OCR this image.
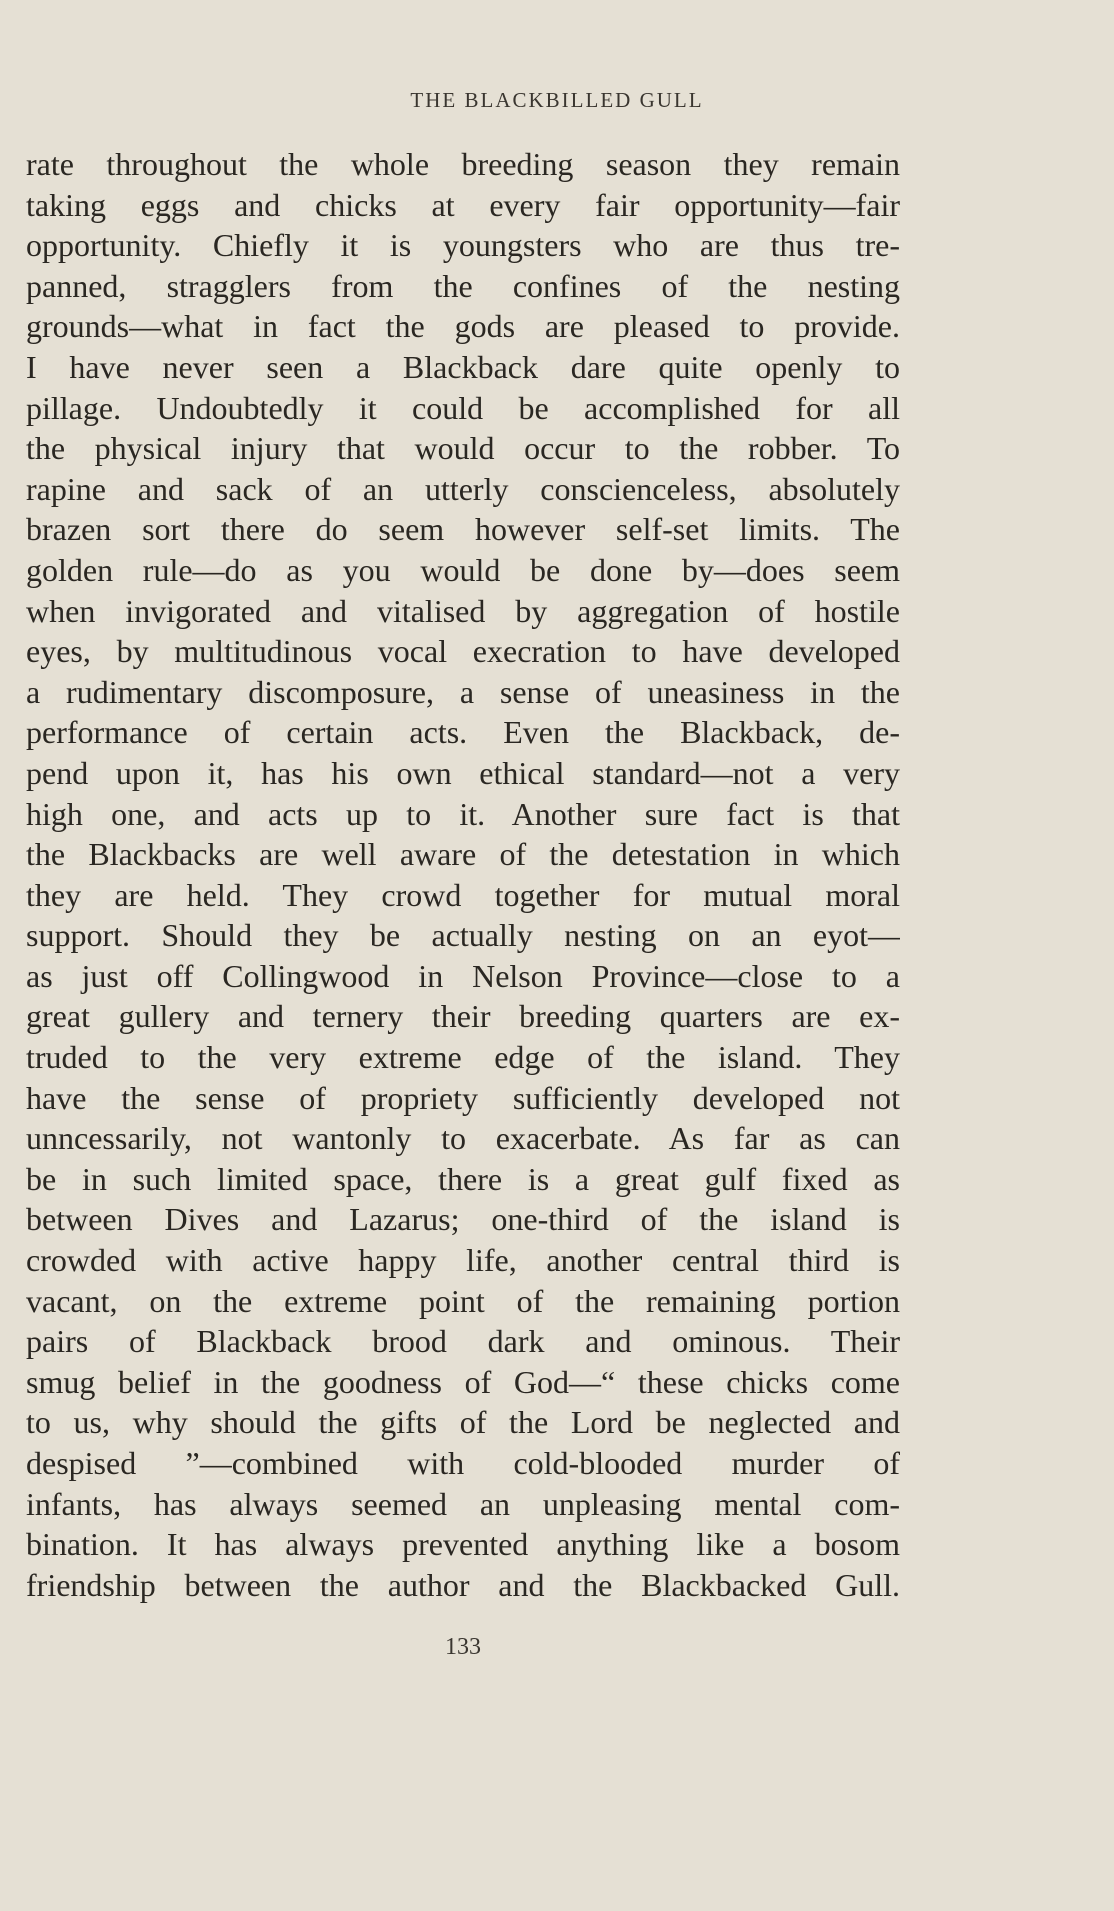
THE BLACKBILLED GULL
rate throughout the whole breeding season they remain
taking eggs and chicks at every fair opportunity—fair
opportunity. Chiefly it is youngsters who are thus tre-
panned, stragglers from the confines of the nesting
grounds—what in fact the gods are pleased to provide.
I have never seen a Blackback dare quite openly to
pillage. Undoubtedly it could be accomplished for all
the physical injury that would occur to the robber. To
rapine and sack of an utterly conscienceless, absolutely
brazen sort there do seem however self-set limits. The
golden rule—do as you would be done by—does seem
when invigorated and vitalised by aggregation of hostile
eyes, by multitudinous vocal execration to have developed
a rudimentary discomposure, a sense of uneasiness in the
performance of certain acts. Even the Blackback, de-
pend upon it, has his own ethical standard—not a very
high one, and acts up to it. Another sure fact is that
the Blackbacks are well aware of the detestation in which
they are held. They crowd together for mutual moral
support. Should they be actually nesting on an eyot—
as just off Collingwood in Nelson Province—close to a
great gullery and ternery their breeding quarters are ex-
truded to the very extreme edge of the island. They
have the sense of propriety sufficiently developed not
unncessarily, not wantonly to exacerbate. As far as can
be in such limited space, there is a great gulf fixed as
between Dives and Lazarus; one-third of the island is
crowded with active happy life, another central third is
vacant, on the extreme point of the remaining portion
pairs of Blackback brood dark and ominous. Their
smug belief in the goodness of God—“ these chicks come
to us, why should the gifts of the Lord be neglected and
despised ”—combined with cold-blooded murder of
infants, has always seemed an unpleasing mental com-
bination. It has always prevented anything like a bosom
friendship between the author and the Blackbacked Gull.
133
